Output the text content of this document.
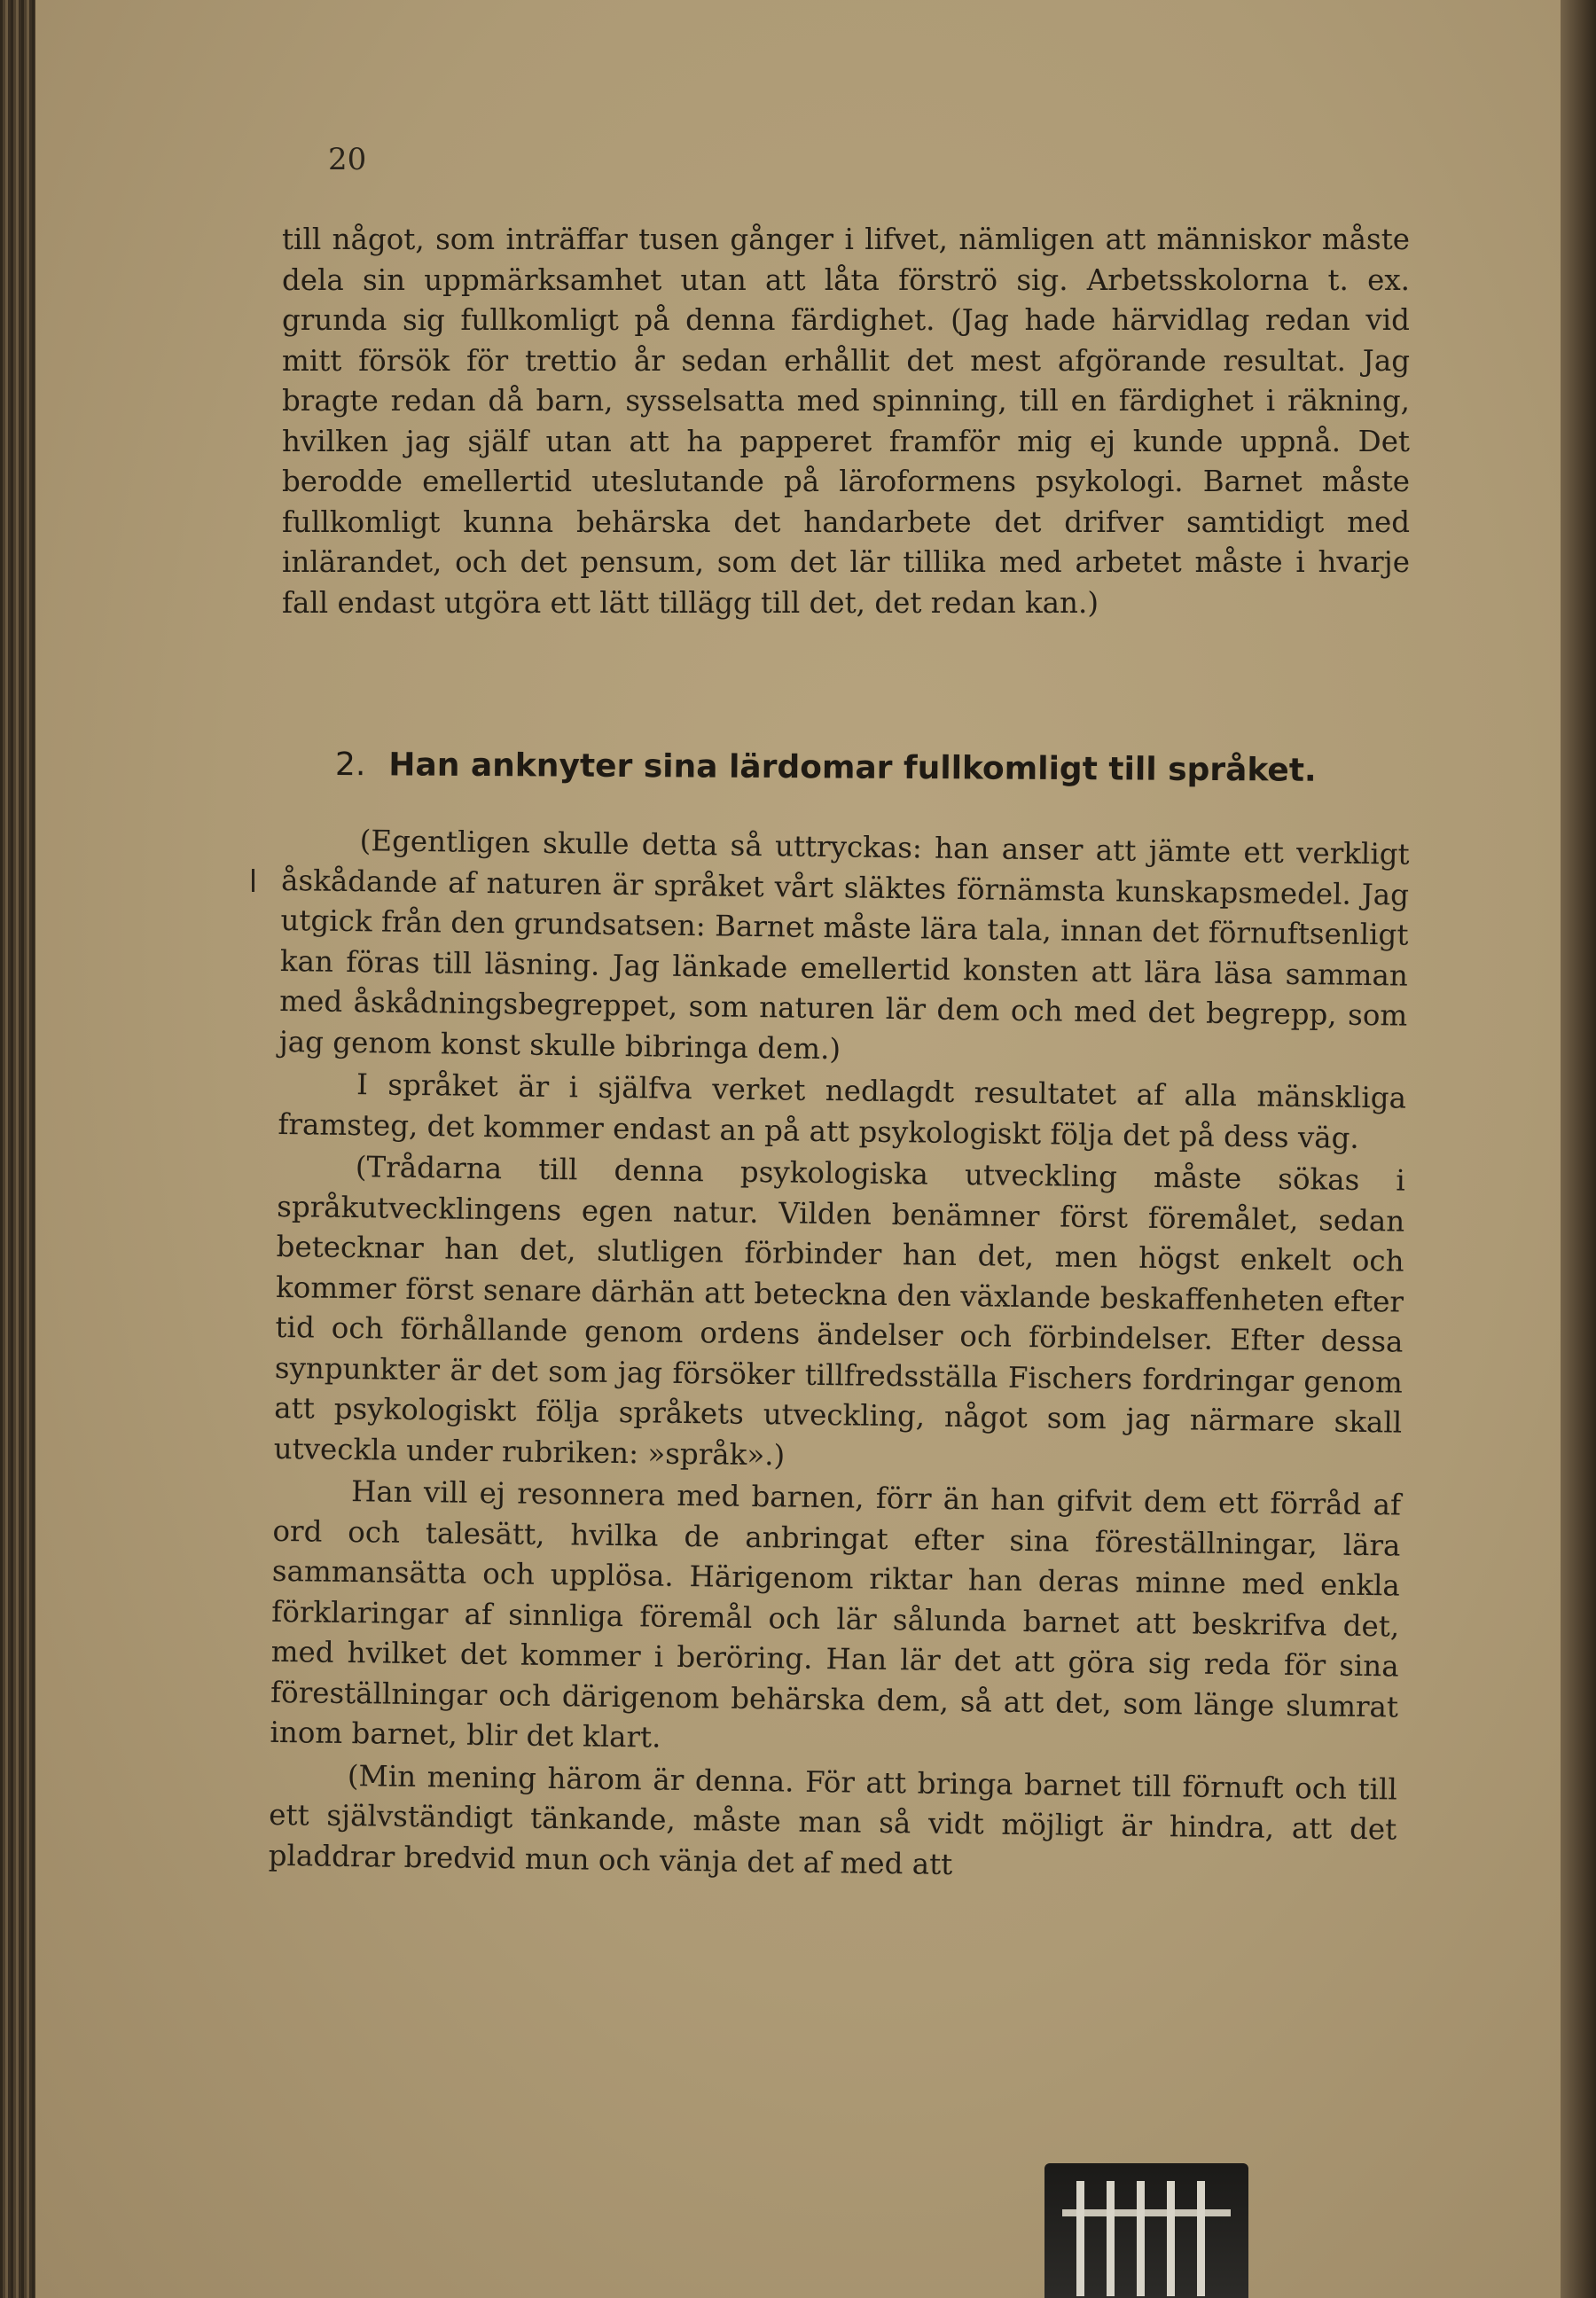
20

till något, som inträffar tusen gånger i lifvet, nämligen att människor måste dela sin uppmärksamhet utan att låta förströ sig. Arbetsskolorna t. ex. grunda sig fullkomligt på denna färdighet. (Jag hade härvidlag redan vid mitt försök för trettio år sedan erhållit det mest afgörande resultat. Jag bragte redan då barn, sysselsatta med spinning, till en färdighet i räkning, hvilken jag själf utan att ha papperet framför mig ej kunde uppnå. Det berodde emellertid uteslutande på läroformens psykologi. Barnet måste fullkomligt kunna behärska det handarbete det drifver samtidigt med inlärandet, och det pensum, som det lär tillika med arbetet måste i hvarje fall endast utgöra ett lätt tillägg till det, det redan kan.)

2. Han anknyter sina lärdomar fullkomligt till språket.

(Egentligen skulle detta så uttryckas: han anser att jämte ett verkligt åskådande af naturen är språket vårt släktes förnämsta kunskapsmedel. Jag utgick från den grundsatsen: Barnet måste lära tala, innan det förnuftsenligt kan föras till läsning. Jag länkade emellertid konsten att lära läsa samman med åskådningsbegreppet, som naturen lär dem och med det begrepp, som jag genom konst skulle bibringa dem.)

I språket är i själfva verket nedlagdt resultatet af alla mänskliga framsteg, det kommer endast an på att psykologiskt följa det på dess väg.

(Trådarna till denna psykologiska utveckling måste sökas i språkutvecklingens egen natur. Vilden benämner först föremålet, sedan betecknar han det, slutligen förbinder han det, men högst enkelt och kommer först senare därhän att beteckna den växlande beskaffenheten efter tid och förhållande genom ordens ändelser och förbindelser. Efter dessa synpunkter är det som jag försöker tillfredsställa Fischers fordringar genom att psykologiskt följa språkets utveckling, något som jag närmare skall utveckla under rubriken: »språk».)

Han vill ej resonnera med barnen, förr än han gifvit dem ett förråd af ord och talesätt, hvilka de anbringat efter sina föreställningar, lära sammansätta och upplösa. Härigenom riktar han deras minne med enkla förklaringar af sinnliga föremål och lär sålunda barnet att beskrifva det, med hvilket det kommer i beröring. Han lär det att göra sig reda för sina föreställningar och därigenom behärska dem, så att det, som länge slumrat inom barnet, blir det klart.

(Min mening härom är denna. För att bringa barnet till förnuft och till ett självständigt tänkande, måste man så vidt möjligt är hindra, att det pladdrar bredvid mun och vänja det af med att
